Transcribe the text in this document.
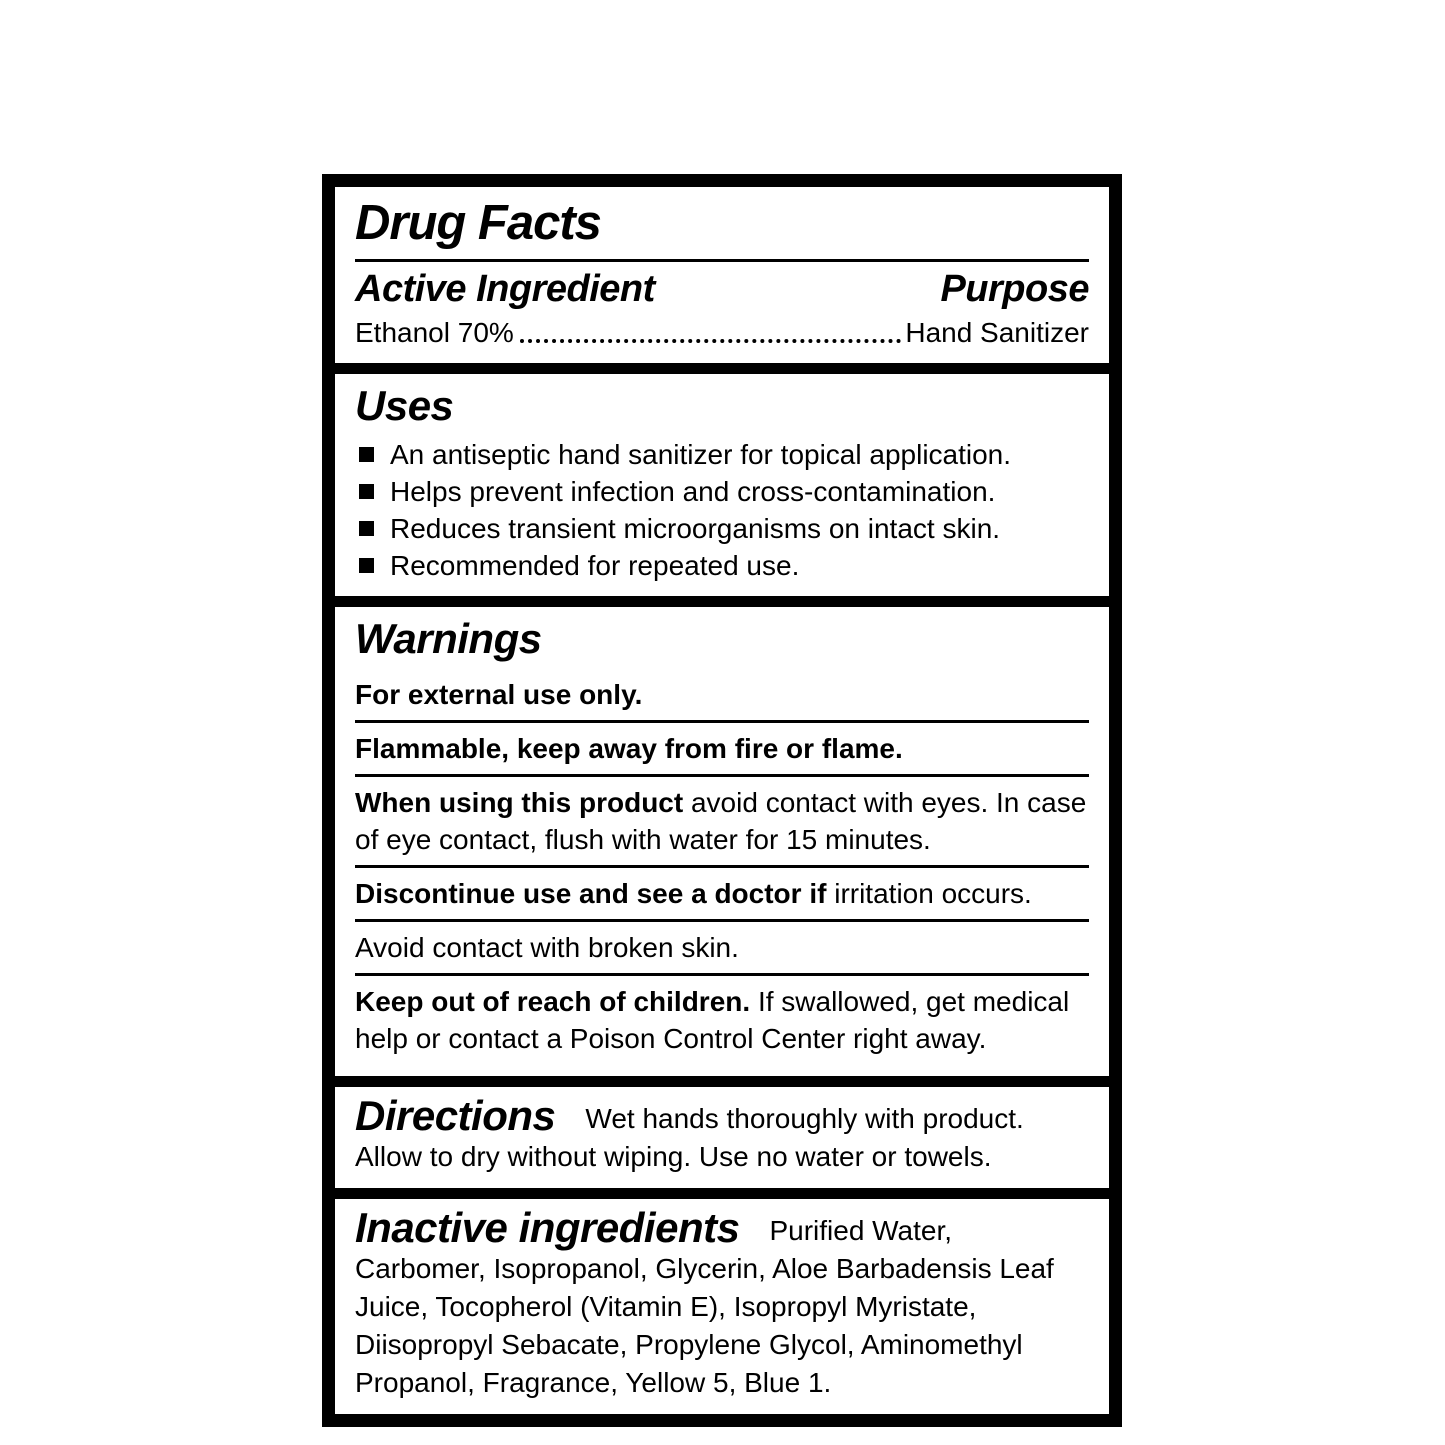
Drug Facts
Active Ingredient	Purpose
Ethanol 70%	Hand Sanitizer
Uses
An antiseptic hand sanitizer for topical application.
Helps prevent infection and cross-contamination.
Reduces transient microorganisms on intact skin.
Recommended for repeated use.
Warnings
For external use only.
Flammable, keep away from fire or flame.
When using this product avoid contact with eyes. In case of eye contact, flush with water for 15 minutes.
Discontinue use and see a doctor if irritation occurs.
Avoid contact with broken skin.
Keep out of reach of children. If swallowed, get medical help or contact a Poison Control Center right away.

Directions Wet hands thoroughly with product. Allow to dry without wiping. Use no water or towels.

Inactive ingredients Purified Water, Carbomer, Isopropanol, Glycerin, Aloe Barbadensis Leaf Juice, Tocopherol (Vitamin E), Isopropyl Myristate, Diisopropyl Sebacate, Propylene Glycol, Aminomethyl Propanol, Fragrance, Yellow 5, Blue 1.
